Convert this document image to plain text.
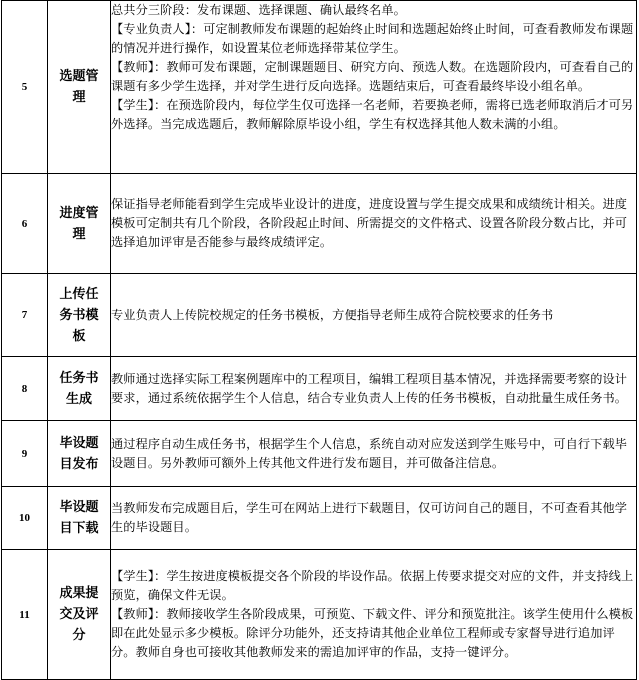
5	选题管理	总共分三阶段：发布课题、选择课题、确认最终名单。

【专业负责人】：可定制教师发布课题的起始终止时间和选题起始终止时间，可查看教师发布课题的情况并进行操作，如设置某位老师选择带某位学生。

【教师】：教师可发布课题，定制课题题目、研究方向、预选人数。在选题阶段内，可查看自己的课题有多少学生选择，并对学生进行反向选择。选题结束后，可查看最终毕设小组名单。

【学生】：在预选阶段内，每位学生仅可选择一名老师，若要换老师，需将已选老师取消后才可另外选择。当完成选题后，教师解除原毕设小组，学生有权选择其他人数未满的小组。

6	进度管理	保证指导老师能看到学生完成毕业设计的进度，进度设置与学生提交成果和成绩统计相关。进度模板可定制共有几个阶段，各阶段起止时间、所需提交的文件格式、设置各阶段分数占比，并可选择追加评审是否能参与最终成绩评定。

7	上传任务书模板	专业负责人上传院校规定的任务书模板，方便指导老师生成符合院校要求的任务书

8	任务书生成	教师通过选择实际工程案例题库中的工程项目，编辑工程项目基本情况，并选择需要考察的设计要求，通过系统依据学生个人信息，结合专业负责人上传的任务书模板，自动批量生成任务书。

9	毕设题目发布	通过程序自动生成任务书，根据学生个人信息，系统自动对应发送到学生账号中，可自行下载毕设题目。另外教师可额外上传其他文件进行发布题目，并可做备注信息。

10	毕设题目下载	当教师发布完成题目后，学生可在网站上进行下载题目，仅可访问自己的题目，不可查看其他学生的毕设题目。

11	成果提交及评分	【学生】：学生按进度模板提交各个阶段的毕设作品。依据上传要求提交对应的文件，并支持线上预览，确保文件无误。

【教师】：教师接收学生各阶段成果，可预览、下载文件、评分和预览批注。该学生使用什么模板即在此处显示多少模板。除评分功能外，还支持请其他企业单位工程师或专家督导进行追加评分。教师自身也可接收其他教师发来的需追加评审的作品，支持一键评分。
